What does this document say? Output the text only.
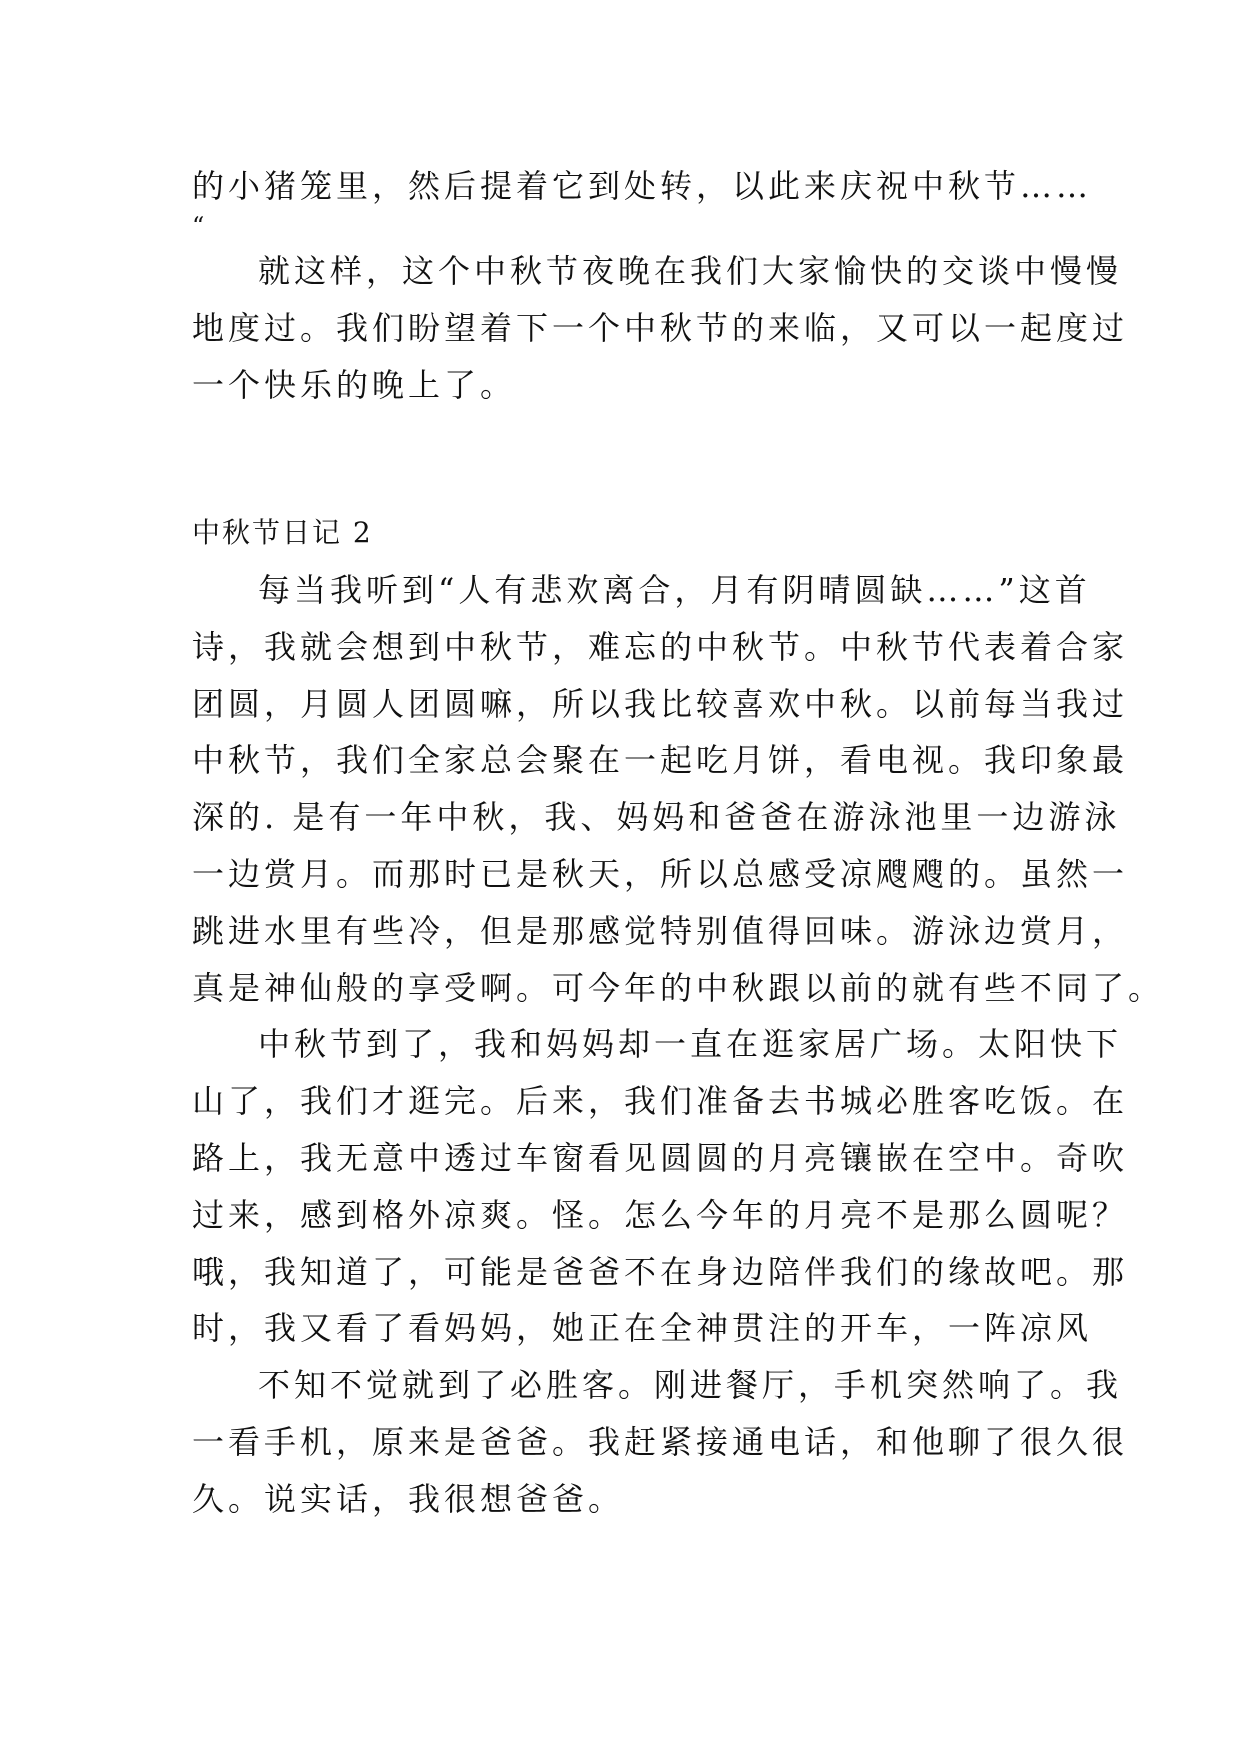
的小猪笼里，然后提着它到处转，以此来庆祝中秋节……
“
就这样，这个中秋节夜晚在我们大家愉快的交谈中慢慢
地度过。我们盼望着下一个中秋节的来临，又可以一起度过
一个快乐的晚上了。
中秋节日记 2
每当我听到“人有悲欢离合，月有阴晴圆缺……”这首
诗，我就会想到中秋节，难忘的中秋节。中秋节代表着合家
团圆，月圆人团圆嘛，所以我比较喜欢中秋。以前每当我过
中秋节，我们全家总会聚在一起吃月饼，看电视。我印象最
深的. 是有一年中秋，我、妈妈和爸爸在游泳池里一边游泳
一边赏月。而那时已是秋天，所以总感受凉飕飕的。虽然一
跳进水里有些冷，但是那感觉特别值得回味。游泳边赏月，
真是神仙般的享受啊。可今年的中秋跟以前的就有些不同了。
中秋节到了，我和妈妈却一直在逛家居广场。太阳快下
山了，我们才逛完。后来，我们准备去书城必胜客吃饭。在
路上，我无意中透过车窗看见圆圆的月亮镶嵌在空中。奇吹
过来，感到格外凉爽。怪。怎么今年的月亮不是那么圆呢？
哦，我知道了，可能是爸爸不在身边陪伴我们的缘故吧。那
时，我又看了看妈妈，她正在全神贯注的开车，一阵凉风
不知不觉就到了必胜客。刚进餐厅，手机突然响了。我
一看手机，原来是爸爸。我赶紧接通电话，和他聊了很久很
久。说实话，我很想爸爸。
